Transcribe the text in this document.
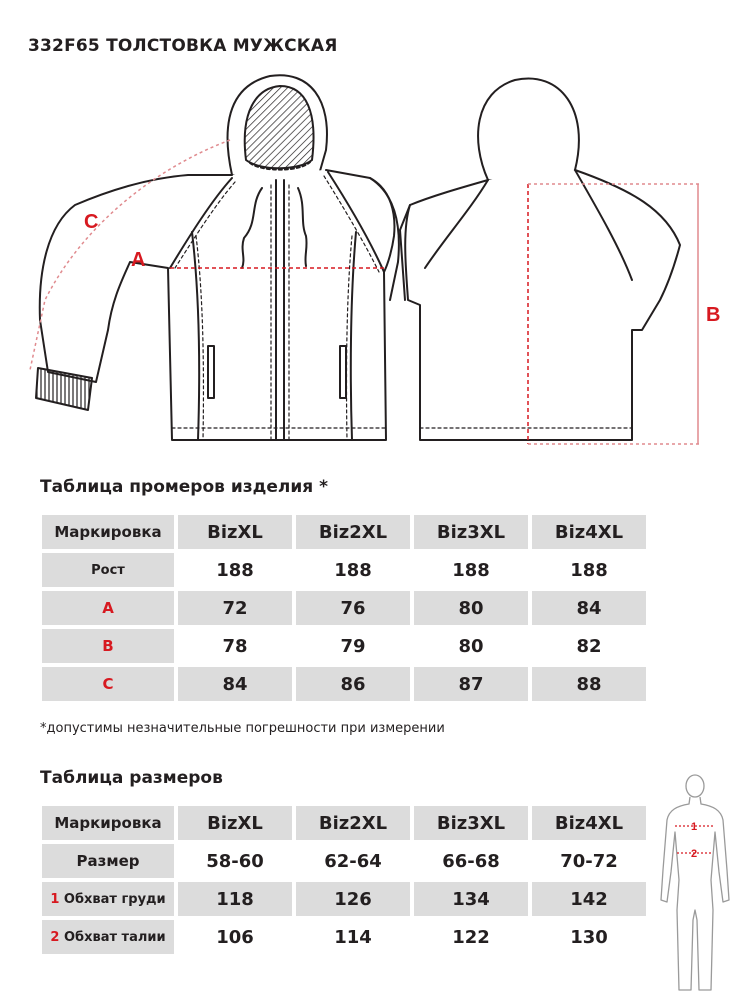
332F65 ТОЛСТОВКА МУЖСКАЯ
A
B
C
Таблица промеров изделия *
Маркировка	BizXL	Biz2XL	Biz3XL	Biz4XL
Рост	188	188	188	188
A	72	76	80	84
B	78	79	80	82
C	84	86	87	88
*допустимы незначительные погрешности при измерении
Таблица размеров
Маркировка	BizXL	Biz2XL	Biz3XL	Biz4XL
Размер	58-60	62-64	66-68	70-72
1 Обхват груди	118	126	134	142
2 Обхват талии	106	114	122	130
1
2
